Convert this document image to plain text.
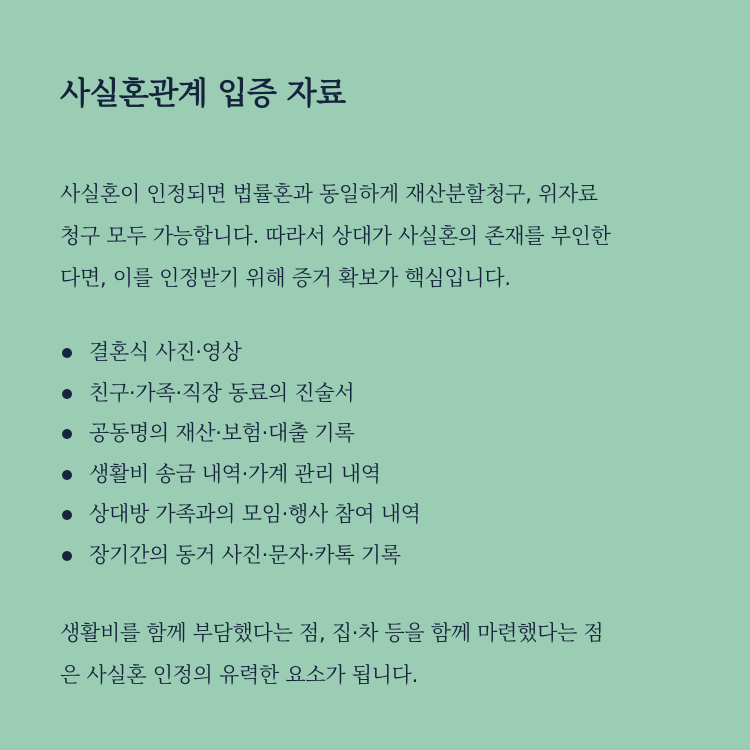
사실혼관계 입증 자료

사실혼이 인정되면 법률혼과 동일하게 재산분할청구, 위자료
청구 모두 가능합니다. 따라서 상대가 사실혼의 존재를 부인한
다면, 이를 인정받기 위해 증거 확보가 핵심입니다.

결혼식 사진·영상
친구·가족·직장 동료의 진술서
공동명의 재산·보험·대출 기록
생활비 송금 내역·가계 관리 내역
상대방 가족과의 모임·행사 참여 내역
장기간의 동거 사진·문자·카톡 기록

생활비를 함께 부담했다는 점, 집·차 등을 함께 마련했다는 점
은 사실혼 인정의 유력한 요소가 됩니다.
